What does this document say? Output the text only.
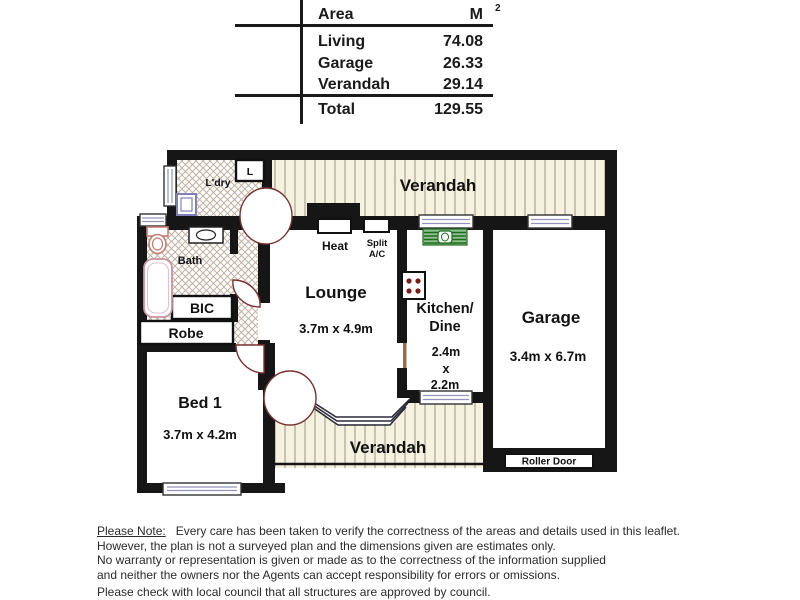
Area	M 2
Living	74.08
Garage	26.33
Verandah	29.14
Total	129.55
L
BIC
Robe
Roller Door
Verandah
Verandah
L'dry
Bath
Heat Split
A/C
Lounge
3.7m x 4.9m
Bed 1
3.7m x 4.2m
Kitchen/
Dine
2.4m
x
2.2m
Garage
3.4m x 6.7m
Please Note: Every care has been taken to verify the correctness of the areas and details used in this leaflet.
However, the plan is not a surveyed plan and the dimensions given are estimates only.
No warranty or representation is given or made as to the correctness of the information supplied
and neither the owners nor the Agents can accept responsibility for errors or omissions.
Please check with local council that all structures are approved by council.
